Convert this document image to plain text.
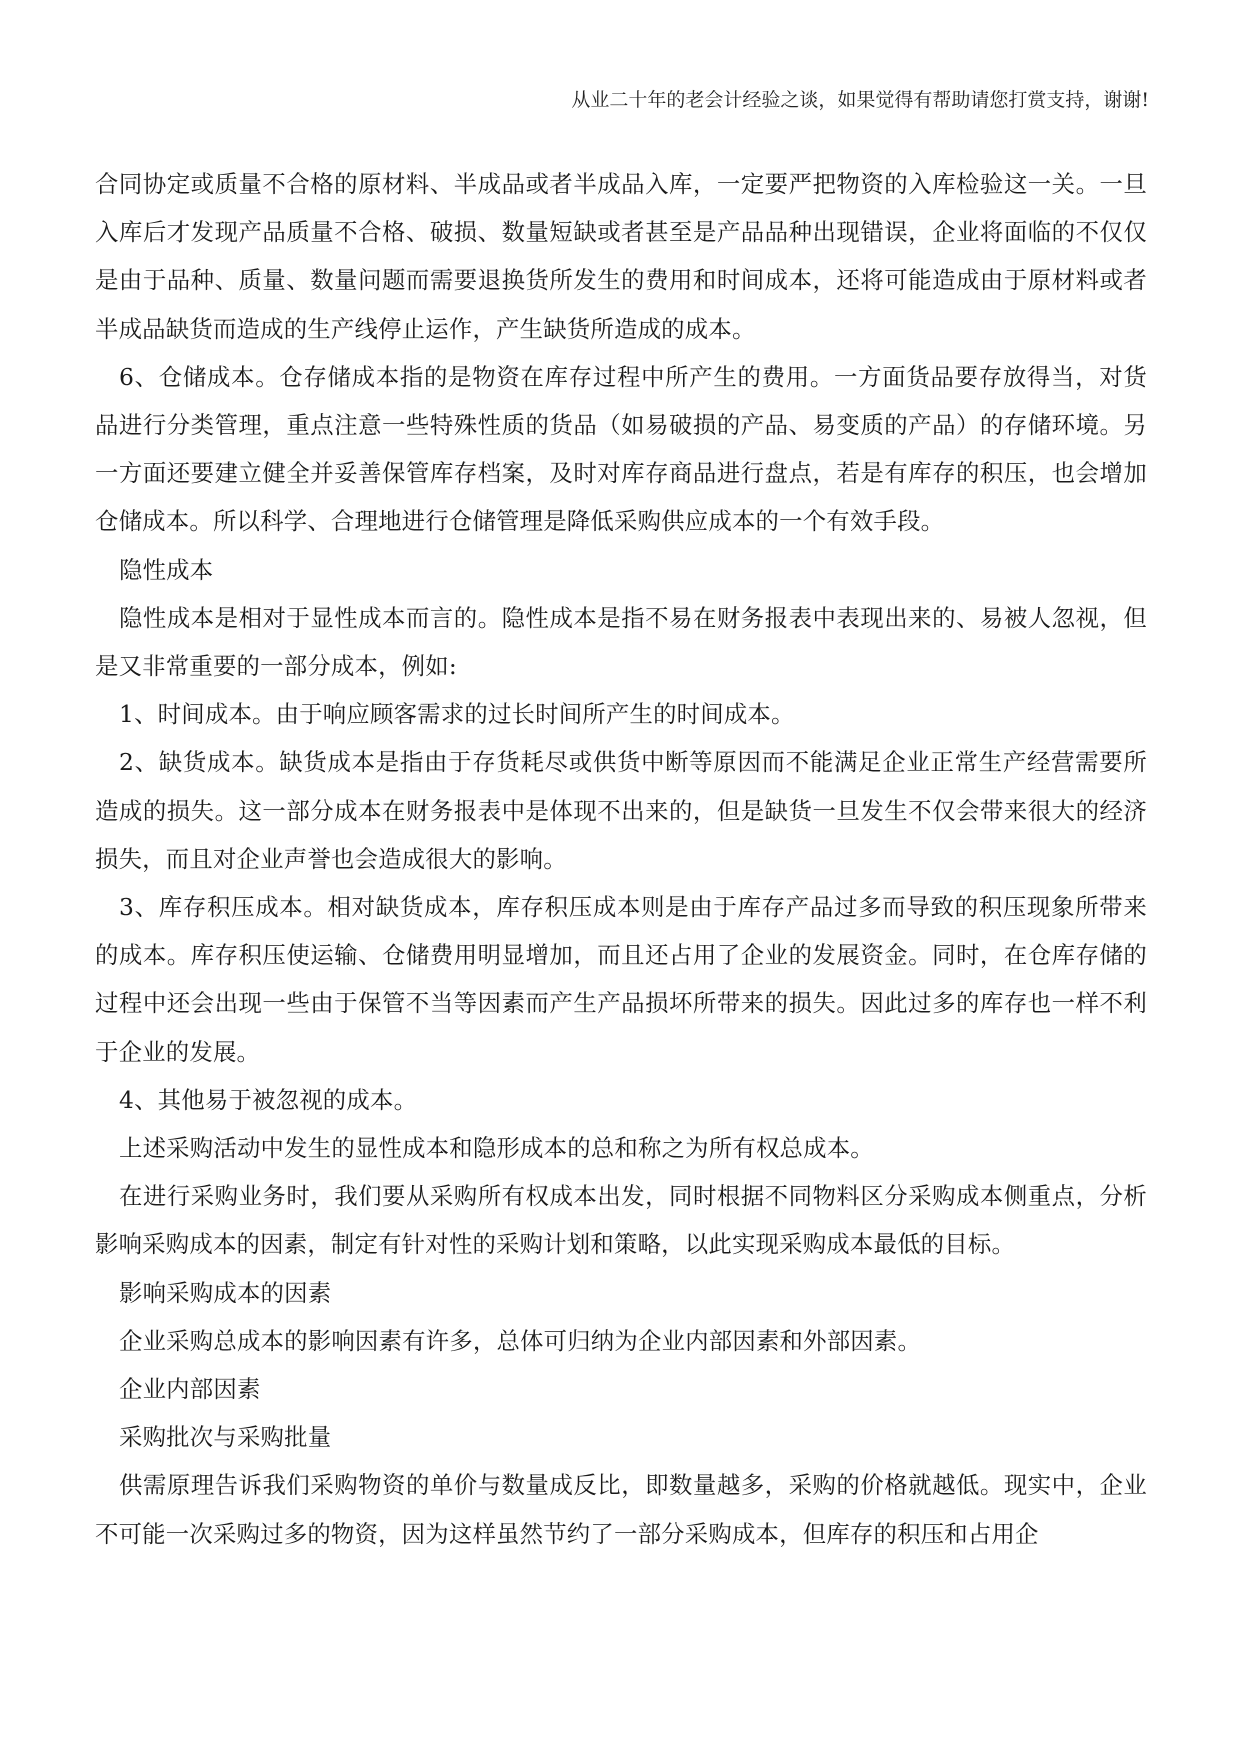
从业二十年的老会计经验之谈，如果觉得有帮助请您打赏支持，谢谢!

合同协定或质量不合格的原材料、半成品或者半成品入库，一定要严把物资的入库检验这一关。一旦入库后才发现产品质量不合格、破损、数量短缺或者甚至是产品品种出现错误，企业将面临的不仅仅是由于品种、质量、数量问题而需要退换货所发生的费用和时间成本，还将可能造成由于原材料或者半成品缺货而造成的生产线停止运作，产生缺货所造成的成本。

6、仓储成本。仓存储成本指的是物资在库存过程中所产生的费用。一方面货品要存放得当，对货品进行分类管理，重点注意一些特殊性质的货品（如易破损的产品、易变质的产品）的存储环境。另一方面还要建立健全并妥善保管库存档案，及时对库存商品进行盘点，若是有库存的积压，也会增加仓储成本。所以科学、合理地进行仓储管理是降低采购供应成本的一个有效手段。

隐性成本

隐性成本是相对于显性成本而言的。隐性成本是指不易在财务报表中表现出来的、易被人忽视，但是又非常重要的一部分成本，例如:

1、时间成本。由于响应顾客需求的过长时间所产生的时间成本。

2、缺货成本。缺货成本是指由于存货耗尽或供货中断等原因而不能满足企业正常生产经营需要所造成的损失。这一部分成本在财务报表中是体现不出来的，但是缺货一旦发生不仅会带来很大的经济损失，而且对企业声誉也会造成很大的影响。

3、库存积压成本。相对缺货成本，库存积压成本则是由于库存产品过多而导致的积压现象所带来的成本。库存积压使运输、仓储费用明显增加，而且还占用了企业的发展资金。同时，在仓库存储的过程中还会出现一些由于保管不当等因素而产生产品损坏所带来的损失。因此过多的库存也一样不利于企业的发展。

4、其他易于被忽视的成本。

上述采购活动中发生的显性成本和隐形成本的总和称之为所有权总成本。

在进行采购业务时，我们要从采购所有权成本出发，同时根据不同物料区分采购成本侧重点，分析影响采购成本的因素，制定有针对性的采购计划和策略，以此实现采购成本最低的目标。

影响采购成本的因素

企业采购总成本的影响因素有许多，总体可归纳为企业内部因素和外部因素。

企业内部因素

采购批次与采购批量

供需原理告诉我们采购物资的单价与数量成反比，即数量越多，采购的价格就越低。现实中，企业不可能一次采购过多的物资，因为这样虽然节约了一部分采购成本，但库存的积压和占用企
